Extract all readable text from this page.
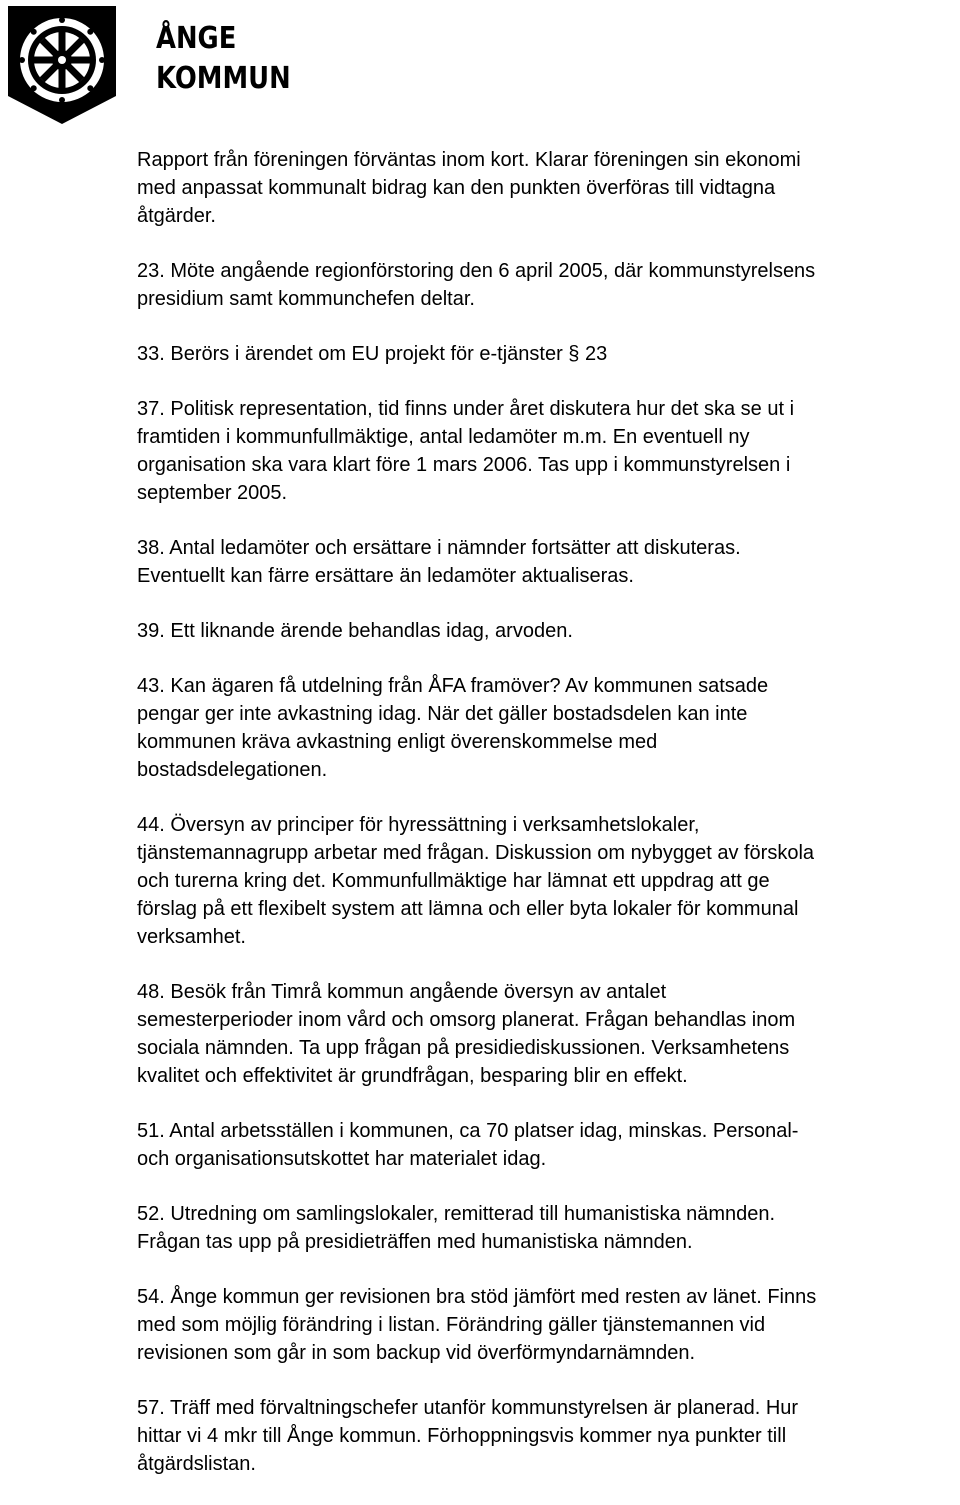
ÅNGE
KOMMUN

Rapport från föreningen förväntas inom kort. Klarar föreningen sin ekonomi
med anpassat kommunalt bidrag kan den punkten överföras till vidtagna
åtgärder.

23. Möte angående regionförstoring den 6 april 2005, där kommunstyrelsens
presidium samt kommunchefen deltar.

33. Berörs i ärendet om EU projekt för e-tjänster § 23

37. Politisk representation, tid finns under året diskutera hur det ska se ut i
framtiden i kommunfullmäktige, antal ledamöter m.m. En eventuell ny
organisation ska vara klart före 1 mars 2006. Tas upp i kommunstyrelsen i
september 2005.

38. Antal ledamöter och ersättare i nämnder fortsätter att diskuteras.
Eventuellt kan färre ersättare än ledamöter aktualiseras.

39. Ett liknande ärende behandlas idag, arvoden.

43. Kan ägaren få utdelning från ÅFA framöver? Av kommunen satsade
pengar ger inte avkastning idag. När det gäller bostadsdelen kan inte
kommunen kräva avkastning enligt överenskommelse med
bostadsdelegationen.

44. Översyn av principer för hyressättning i verksamhetslokaler,
tjänstemannagrupp arbetar med frågan. Diskussion om nybygget av förskola
och turerna kring det. Kommunfullmäktige har lämnat ett uppdrag att ge
förslag på ett flexibelt system att lämna och eller byta lokaler för kommunal
verksamhet.

48. Besök från Timrå kommun angående översyn av antalet
semesterperioder inom vård och omsorg planerat. Frågan behandlas inom
sociala nämnden. Ta upp frågan på presidiediskussionen. Verksamhetens
kvalitet och effektivitet är grundfrågan, besparing blir en effekt.

51. Antal arbetsställen i kommunen, ca 70 platser idag, minskas. Personal-
och organisationsutskottet har materialet idag.

52. Utredning om samlingslokaler, remitterad till humanistiska nämnden.
Frågan tas upp på presidieträffen med humanistiska nämnden.

54. Ånge kommun ger revisionen bra stöd jämfört med resten av länet. Finns
med som möjlig förändring i listan. Förändring gäller tjänstemannen vid
revisionen som går in som backup vid överförmyndarnämnden.

57. Träff med förvaltningschefer utanför kommunstyrelsen är planerad. Hur
hittar vi 4 mkr till Ånge kommun. Förhoppningsvis kommer nya punkter till
åtgärdslistan.
